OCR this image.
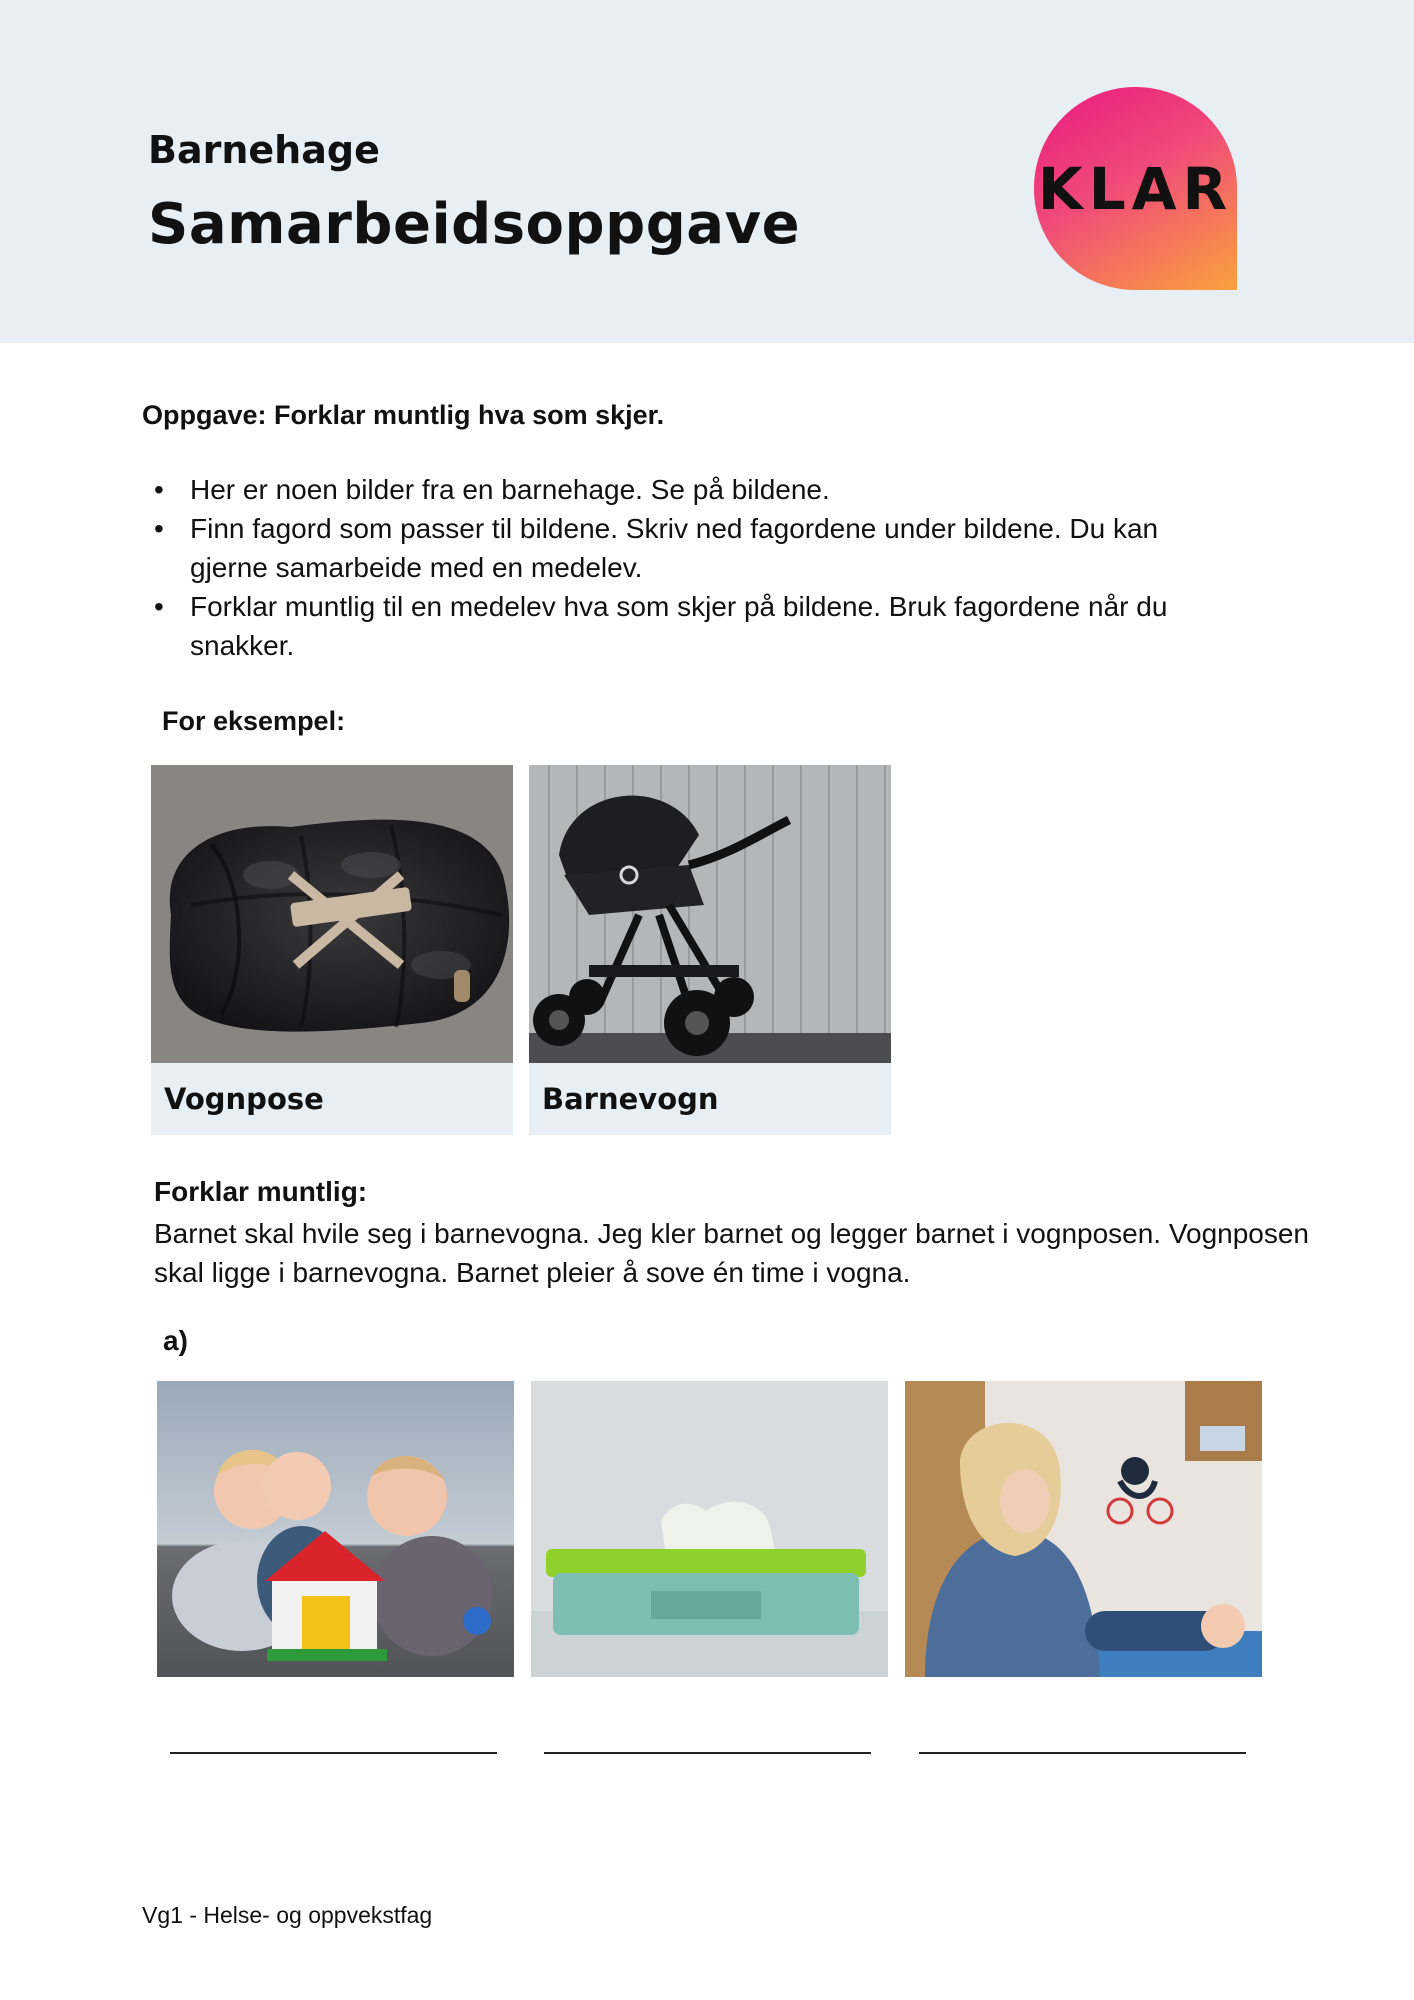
Barnehage
Samarbeidsoppgave
KLAR
Oppgave: Forklar muntlig hva som skjer.
• Her er noen bilder fra en barnehage. Se på bildene.
• Finn fagord som passer til bildene. Skriv ned fagordene under bildene. Du kan gjerne samarbeide med en medelev.
• Forklar muntlig til en medelev hva som skjer på bildene. Bruk fagordene når du snakker.
For eksempel:
Vognpose	Barnevogn
Forklar muntlig:
Barnet skal hvile seg i barnevogna. Jeg kler barnet og legger barnet i vognposen. Vognposen skal ligge i barnevogna. Barnet pleier å sove én time i vogna.
a)
Vg1 - Helse- og oppvekstfag
